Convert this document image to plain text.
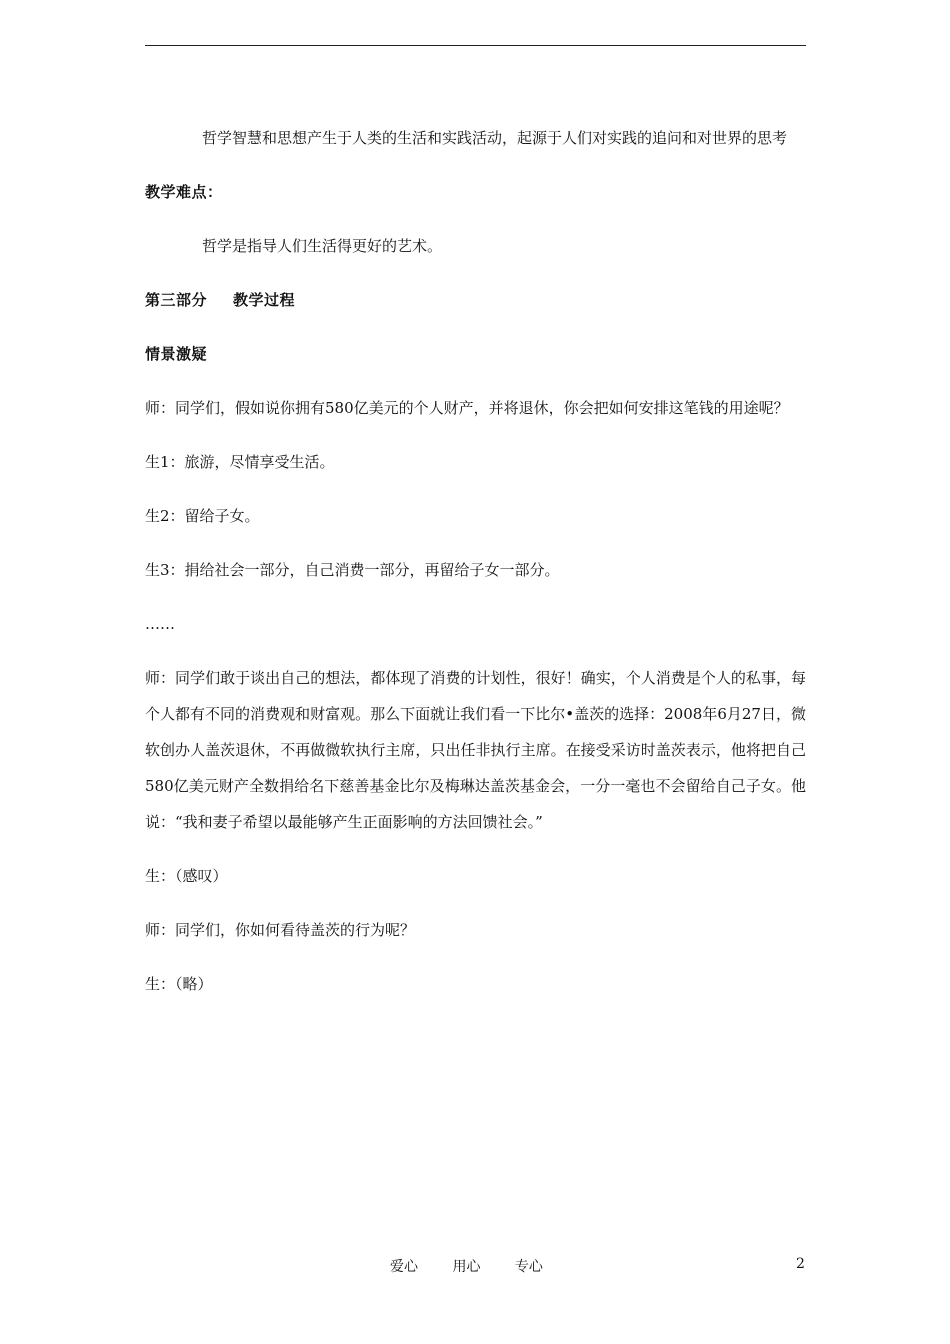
哲学智慧和思想产生于人类的生活和实践活动，起源于人们对实践的追问和对世界的思考

教学难点：

哲学是指导人们生活得更好的艺术。

第三部分 教学过程

情景激疑

师：同学们，假如说你拥有580亿美元的个人财产，并将退休，你会把如何安排这笔钱的用途呢？

生1：旅游，尽情享受生活。

生2：留给子女。

生3：捐给社会一部分，自己消费一部分，再留给子女一部分。

……

师：同学们敢于谈出自己的想法，都体现了消费的计划性，很好！确实，个人消费是个人的私事，每个人都有不同的消费观和财富观。那么下面就让我们看一下比尔•盖茨的选择：2008年6月27日，微软创办人盖茨退休，不再做微软执行主席，只出任非执行主席。在接受采访时盖茨表示，他将把自己580亿美元财产全数捐给名下慈善基金比尔及梅琳达盖茨基金会，一分一毫也不会留给自己子女。他说：“我和妻子希望以最能够产生正面影响的方法回馈社会。”

生：（感叹）

师：同学们，你如何看待盖茨的行为呢？

生：（略）

爱心 用心 专心	2
